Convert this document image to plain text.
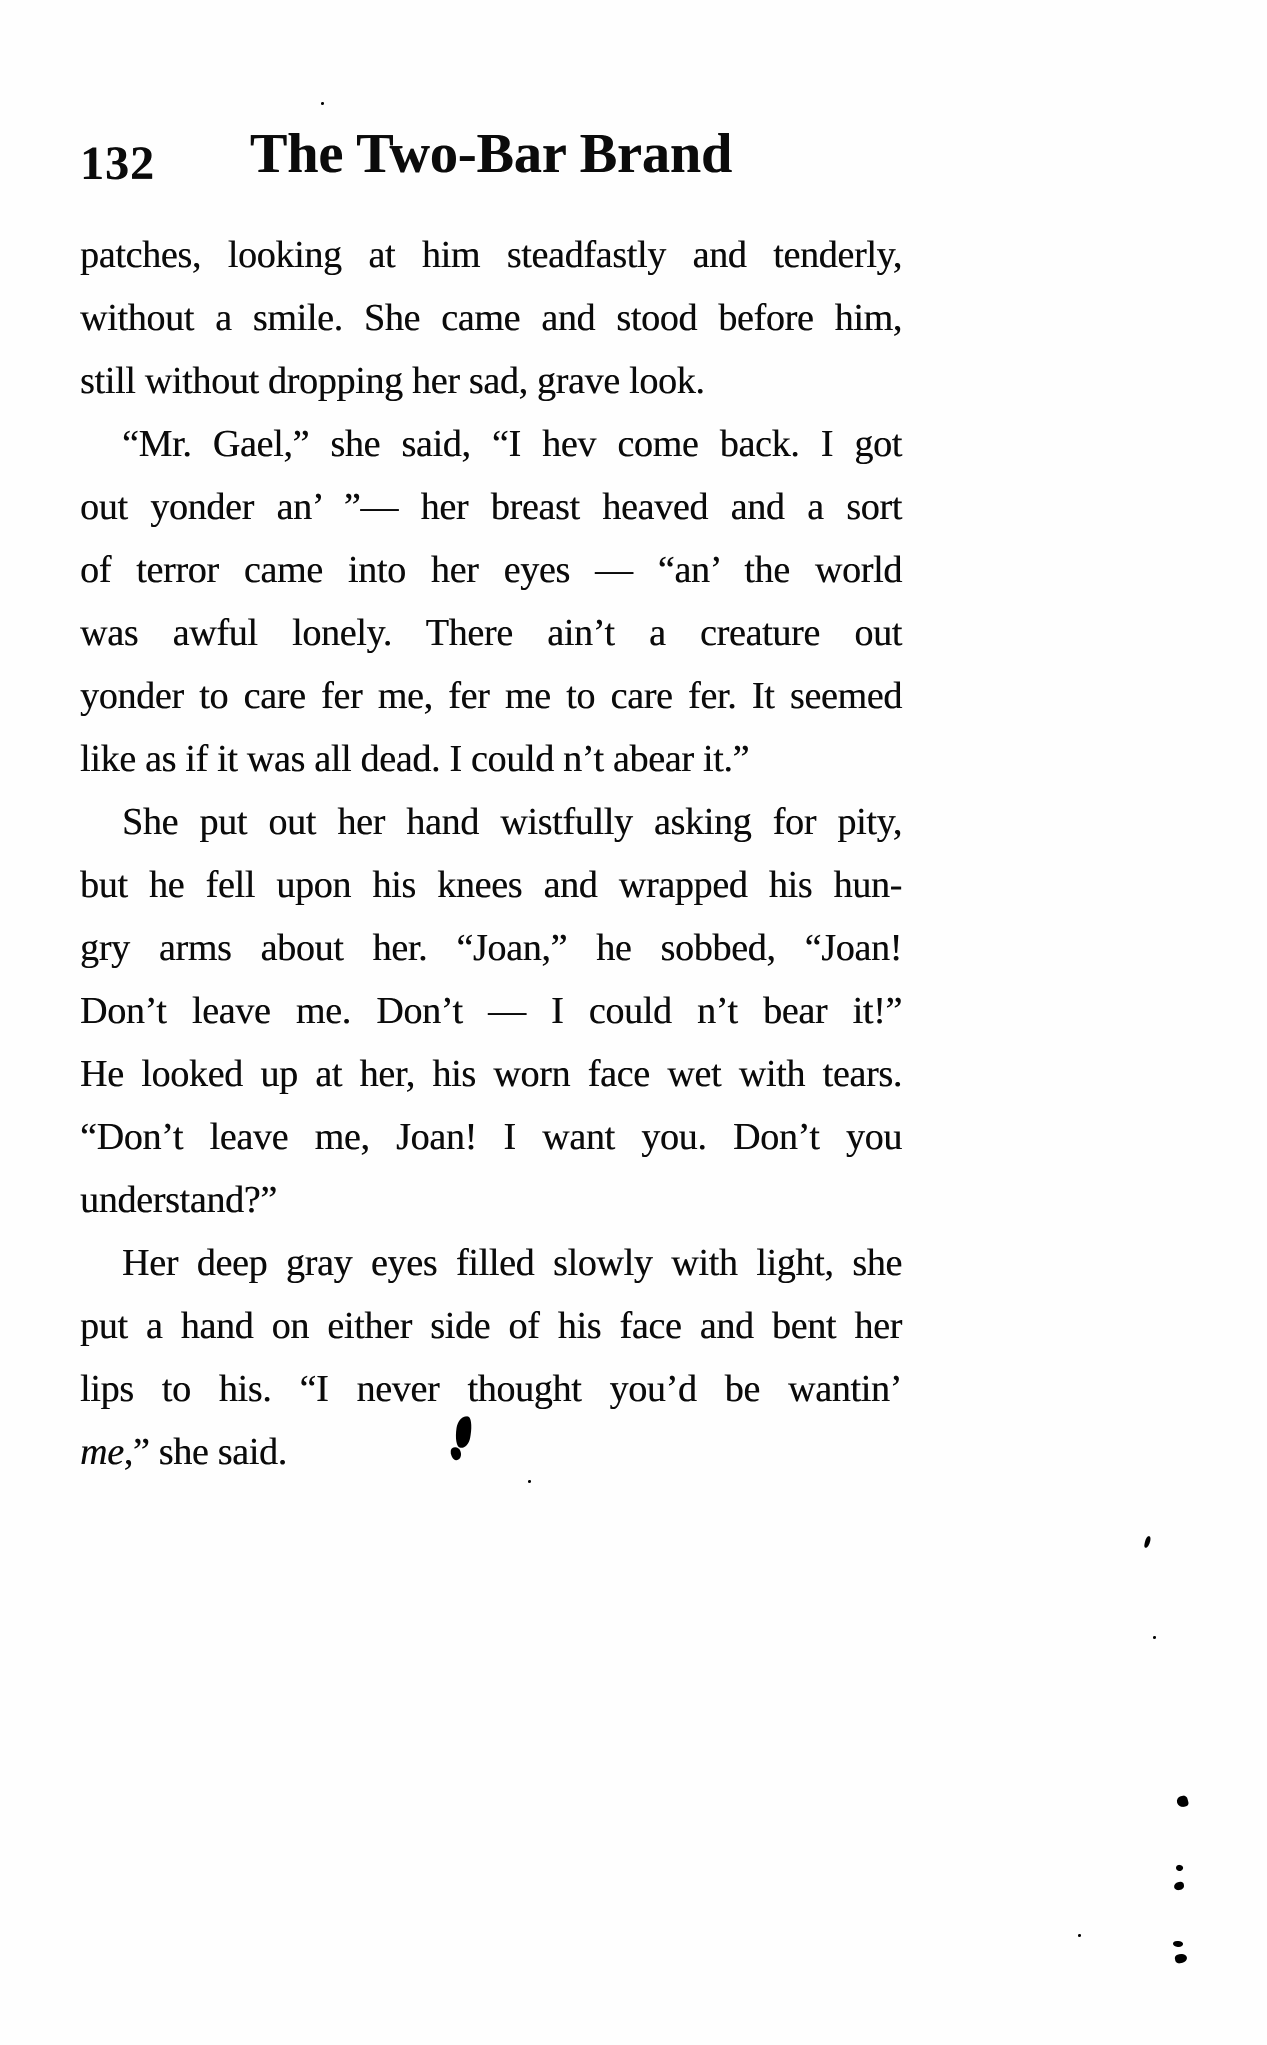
132	The Two-Bar Brand
patches, looking at him steadfastly and tenderly,
without a smile. She came and stood before him,
still without dropping her sad, grave look.
“Mr. Gael,” she said, “I hev come back. I got
out yonder an’ ”— her breast heaved and a sort
of terror came into her eyes — “an’ the world
was awful lonely. There ain’t a creature out
yonder to care fer me, fer me to care fer. It seemed
like as if it was all dead. I could n’t abear it.”
She put out her hand wistfully asking for pity,
but he fell upon his knees and wrapped his hun-
gry arms about her. “Joan,” he sobbed, “Joan!
Don’t leave me. Don’t — I could n’t bear it!”
He looked up at her, his worn face wet with tears.
“Don’t leave me, Joan! I want you. Don’t you
understand?”
Her deep gray eyes filled slowly with light, she
put a hand on either side of his face and bent her
lips to his. “I never thought you’d be wantin’
me,” she said.
